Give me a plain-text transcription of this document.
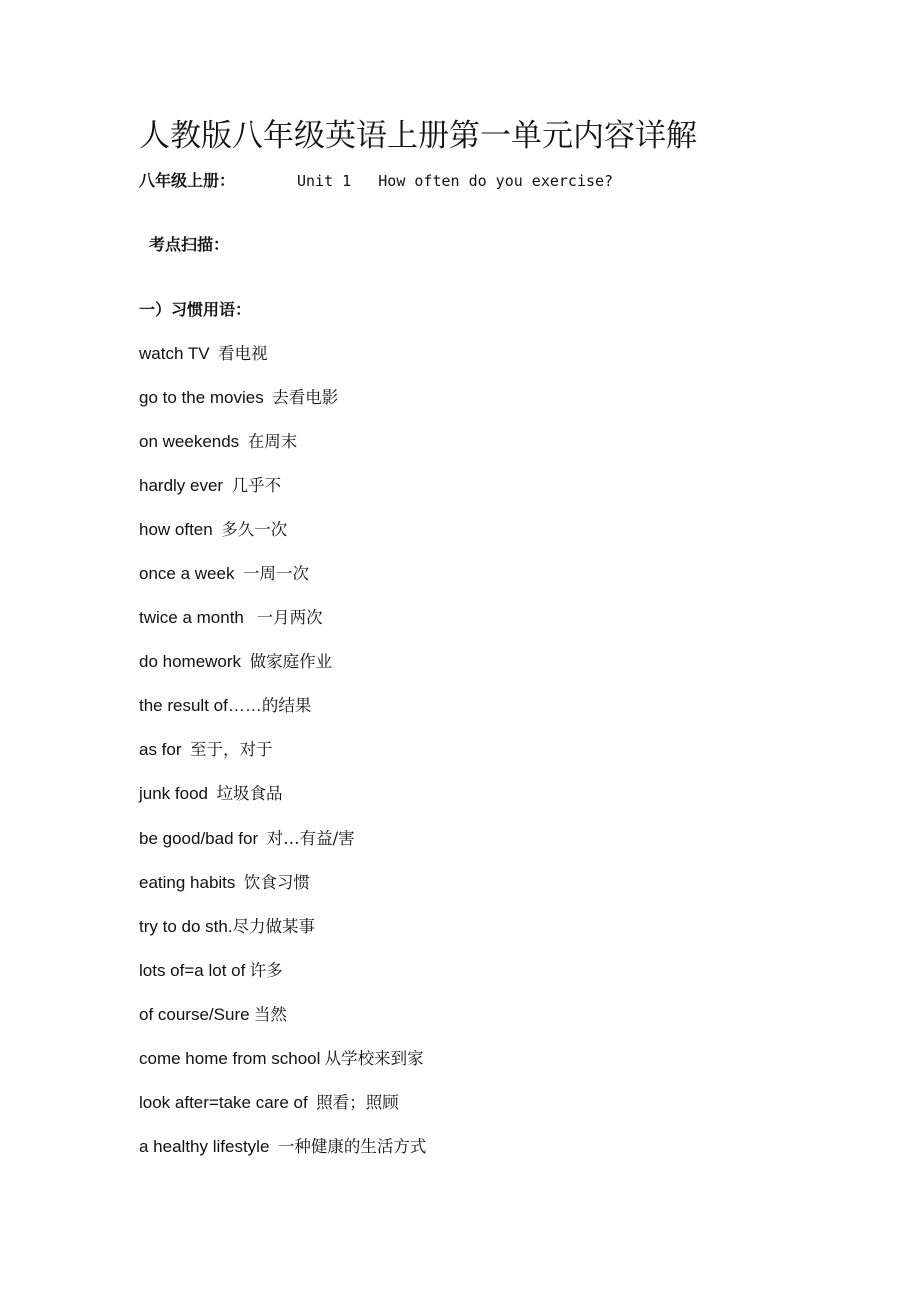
人教版八年级英语上册第一单元内容详解
八年级上册：	Unit 1   How often do you exercise?
考点扫描：
一）习惯用语：
watch TV 看电视
go to the movies 去看电影
on weekends 在周末
hardly ever 几乎不
how often 多久一次
once a week 一周一次
twice a month 一月两次
do homework 做家庭作业
the result of……的结果
as for 至于，对于
junk food 垃圾食品
be good/bad for 对…有益/害
eating habits 饮食习惯
try to do sth.尽力做某事
lots of=a lot of 许多
of course/Sure 当然
come home from school 从学校来到家
look after=take care of 照看；照顾
a healthy lifestyle 一种健康的生活方式
